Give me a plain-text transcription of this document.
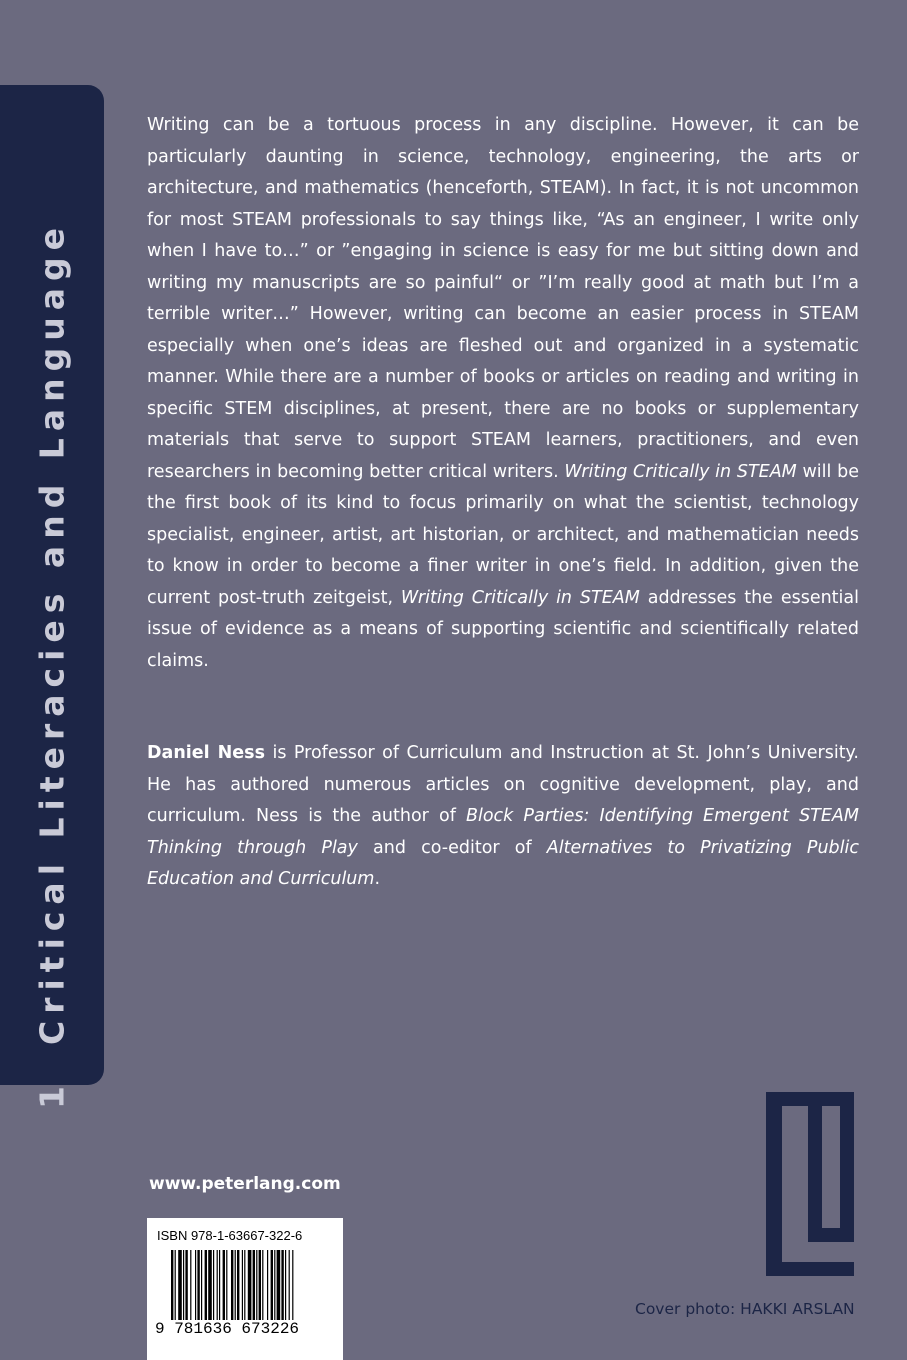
1Critical Literacies and Language

Writing can be a tortuous process in any discipline. However, it can be particularly daunting in science, technology, engineering, the arts or architecture, and mathematics (henceforth, STEAM). In fact, it is not uncommon for most STEAM professionals to say things like, “As an engineer, I write only when I have to…” or ”engaging in science is easy for me but sitting down and writing my manuscripts are so painful“ or ”I’m really good at math but I’m a terrible writer…” However, writing can become an easier process in STEAM especially when one’s ideas are fleshed out and organized in a systematic manner. While there are a number of books or articles on reading and writing in specific STEM disciplines, at present, there are no books or supplementary materials that serve to support STEAM learners, practitioners, and even researchers in becoming better critical writers. Writing Critically in STEAM will be the first book of its kind to focus primarily on what the scientist, technology specialist, engineer, artist, art historian, or architect, and mathematician needs to know in order to become a finer writer in one’s field. In addition, given the current post-truth zeitgeist, Writing Critically in STEAM addresses the essential issue of evidence as a means of supporting scientific and scientifically related claims.

Daniel Ness is Professor of Curriculum and Instruction at St. John’s University. He has authored numerous articles on cognitive development, play, and curriculum. Ness is the author of Block Parties: Identifying Emergent STEAM Thinking through Play and co-editor of Alternatives to Privatizing Public Education and Curriculum.

www.peterlang.com
ISBN 978-1-63667-322-6
9 781636 673226
Cover photo: HAKKI ARSLAN
